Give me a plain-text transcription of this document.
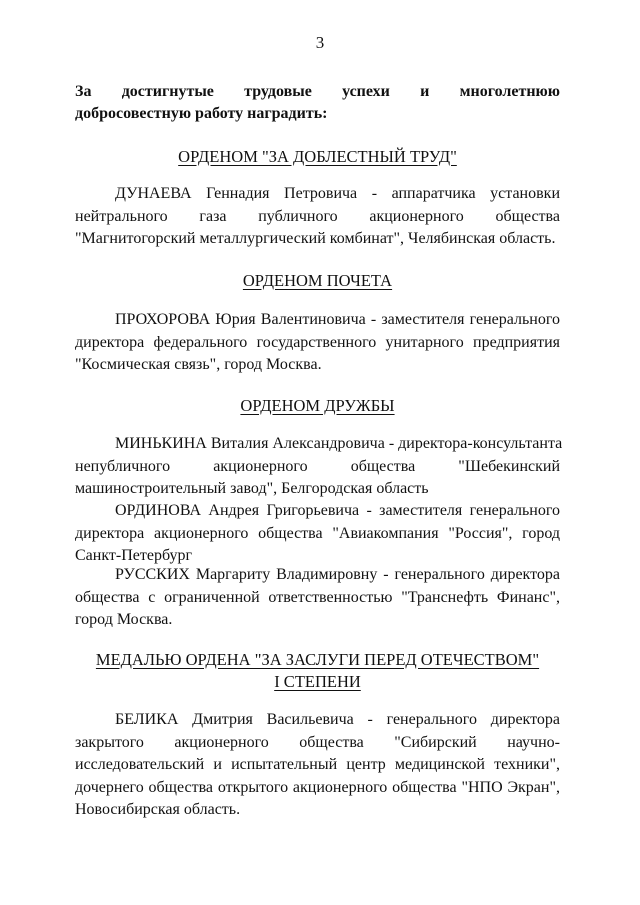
3
За достигнутые трудовые успехи и многолетнюю
добросовестную работу наградить:
ОРДЕНОМ "ЗА ДОБЛЕСТНЫЙ ТРУД"
ДУНАЕВА Геннадия Петровича - аппаратчика установки
нейтрального газа публичного акционерного общества
"Магнитогорский металлургический комбинат", Челябинская область.
ОРДЕНОМ ПОЧЕТА
ПРОХОРОВА Юрия Валентиновича - заместителя генерального
директора федерального государственного унитарного предприятия
"Космическая связь", город Москва.
ОРДЕНОМ ДРУЖБЫ
МИНЬКИНА Виталия Александровича - директора-консультанта
непубличного акционерного общества "Шебекинский
машиностроительный завод", Белгородская область
ОРДИНОВА Андрея Григорьевича - заместителя генерального
директора акционерного общества "Авиакомпания "Россия", город
Санкт-Петербург
РУССКИХ Маргариту Владимировну - генерального директора
общества с ограниченной ответственностью "Транснефть Финанс",
город Москва.
МЕДАЛЬЮ ОРДЕНА "ЗА ЗАСЛУГИ ПЕРЕД ОТЕЧЕСТВОМ"
I СТЕПЕНИ
БЕЛИКА Дмитрия Васильевича - генерального директора
закрытого акционерного общества "Сибирский научно-
исследовательский и испытательный центр медицинской техники",
дочернего общества открытого акционерного общества "НПО Экран",
Новосибирская область.
